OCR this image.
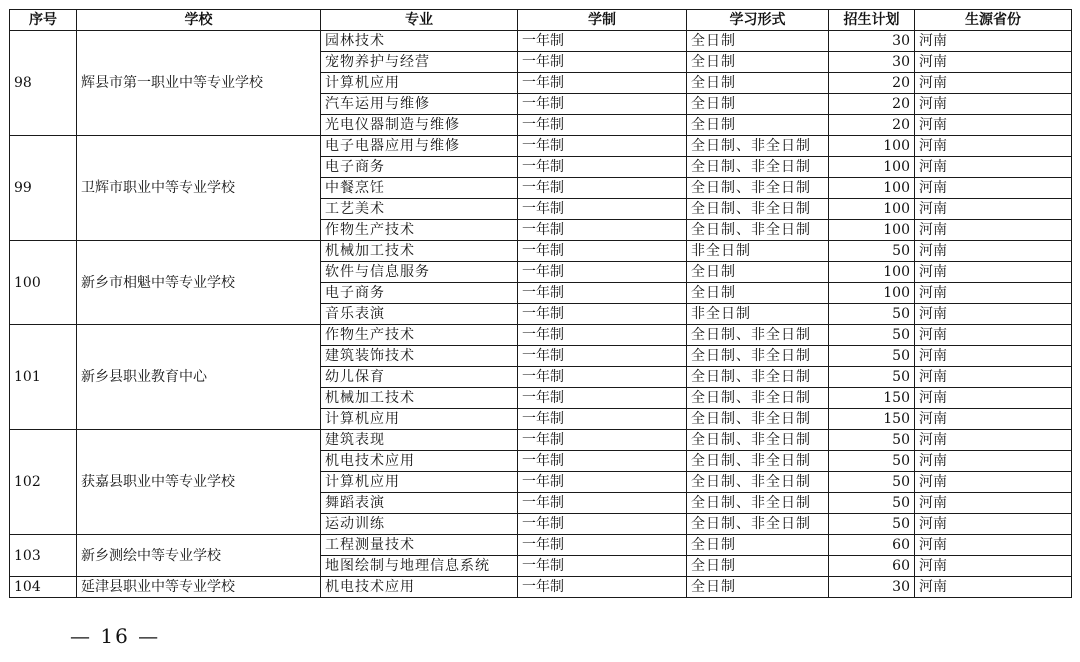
序号	学校	专业	学制	学习形式	招生计划	生源省份
98	辉县市第一职业中等专业学校	园林技术	一年制	全日制	30	河南
		宠物养护与经营	一年制	全日制	30	河南
		计算机应用	一年制	全日制	20	河南
		汽车运用与维修	一年制	全日制	20	河南
		光电仪器制造与维修	一年制	全日制	20	河南
99	卫辉市职业中等专业学校	电子电器应用与维修	一年制	全日制、非全日制	100	河南
		电子商务	一年制	全日制、非全日制	100	河南
		中餐烹饪	一年制	全日制、非全日制	100	河南
		工艺美术	一年制	全日制、非全日制	100	河南
		作物生产技术	一年制	全日制、非全日制	100	河南
100	新乡市相魁中等专业学校	机械加工技术	一年制	非全日制	50	河南
		软件与信息服务	一年制	全日制	100	河南
		电子商务	一年制	全日制	100	河南
		音乐表演	一年制	非全日制	50	河南
101	新乡县职业教育中心	作物生产技术	一年制	全日制、非全日制	50	河南
		建筑装饰技术	一年制	全日制、非全日制	50	河南
		幼儿保育	一年制	全日制、非全日制	50	河南
		机械加工技术	一年制	全日制、非全日制	150	河南
		计算机应用	一年制	全日制、非全日制	150	河南
102	获嘉县职业中等专业学校	建筑表现	一年制	全日制、非全日制	50	河南
		机电技术应用	一年制	全日制、非全日制	50	河南
		计算机应用	一年制	全日制、非全日制	50	河南
		舞蹈表演	一年制	全日制、非全日制	50	河南
		运动训练	一年制	全日制、非全日制	50	河南
103	新乡测绘中等专业学校	工程测量技术	一年制	全日制	60	河南
		地图绘制与地理信息系统	一年制	全日制	60	河南
104	延津县职业中等专业学校	机电技术应用	一年制	全日制	30	河南
— 16 —
